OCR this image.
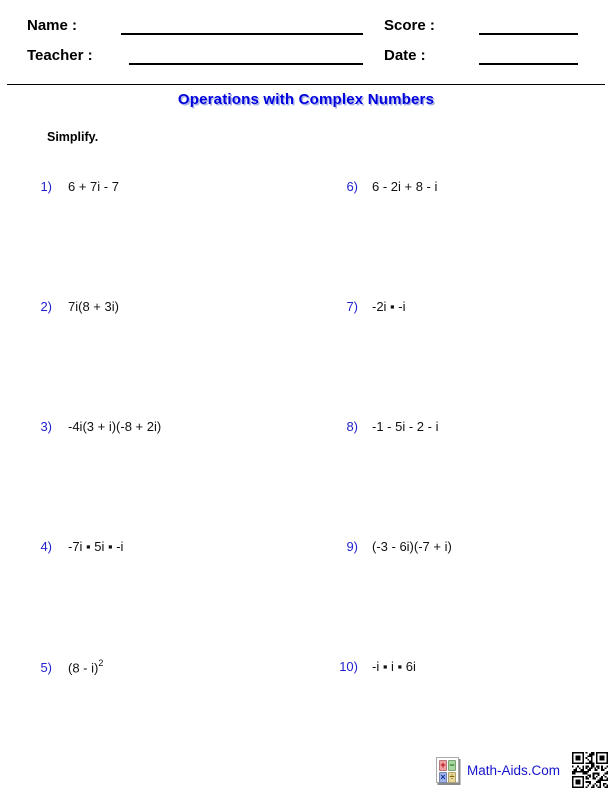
Name :	Score :
Teacher :	Date :
Operations with Complex Numbers
Simplify.
1) 6 + 7i - 7
2) 7i(8 + 3i)
3) -4i(3 + i)(-8 + 2i)
4) -7i ▪ 5i ▪ -i
5) (8 - i)$^2$
6) 6 - 2i + 8 - i
7) -2i ▪ -i
8) -1 - 5i - 2 - i
9) (-3 - 6i)(-7 + i)
10) -i ▪ i ▪ 6i
+ −
× ÷ Math-Aids.Com
